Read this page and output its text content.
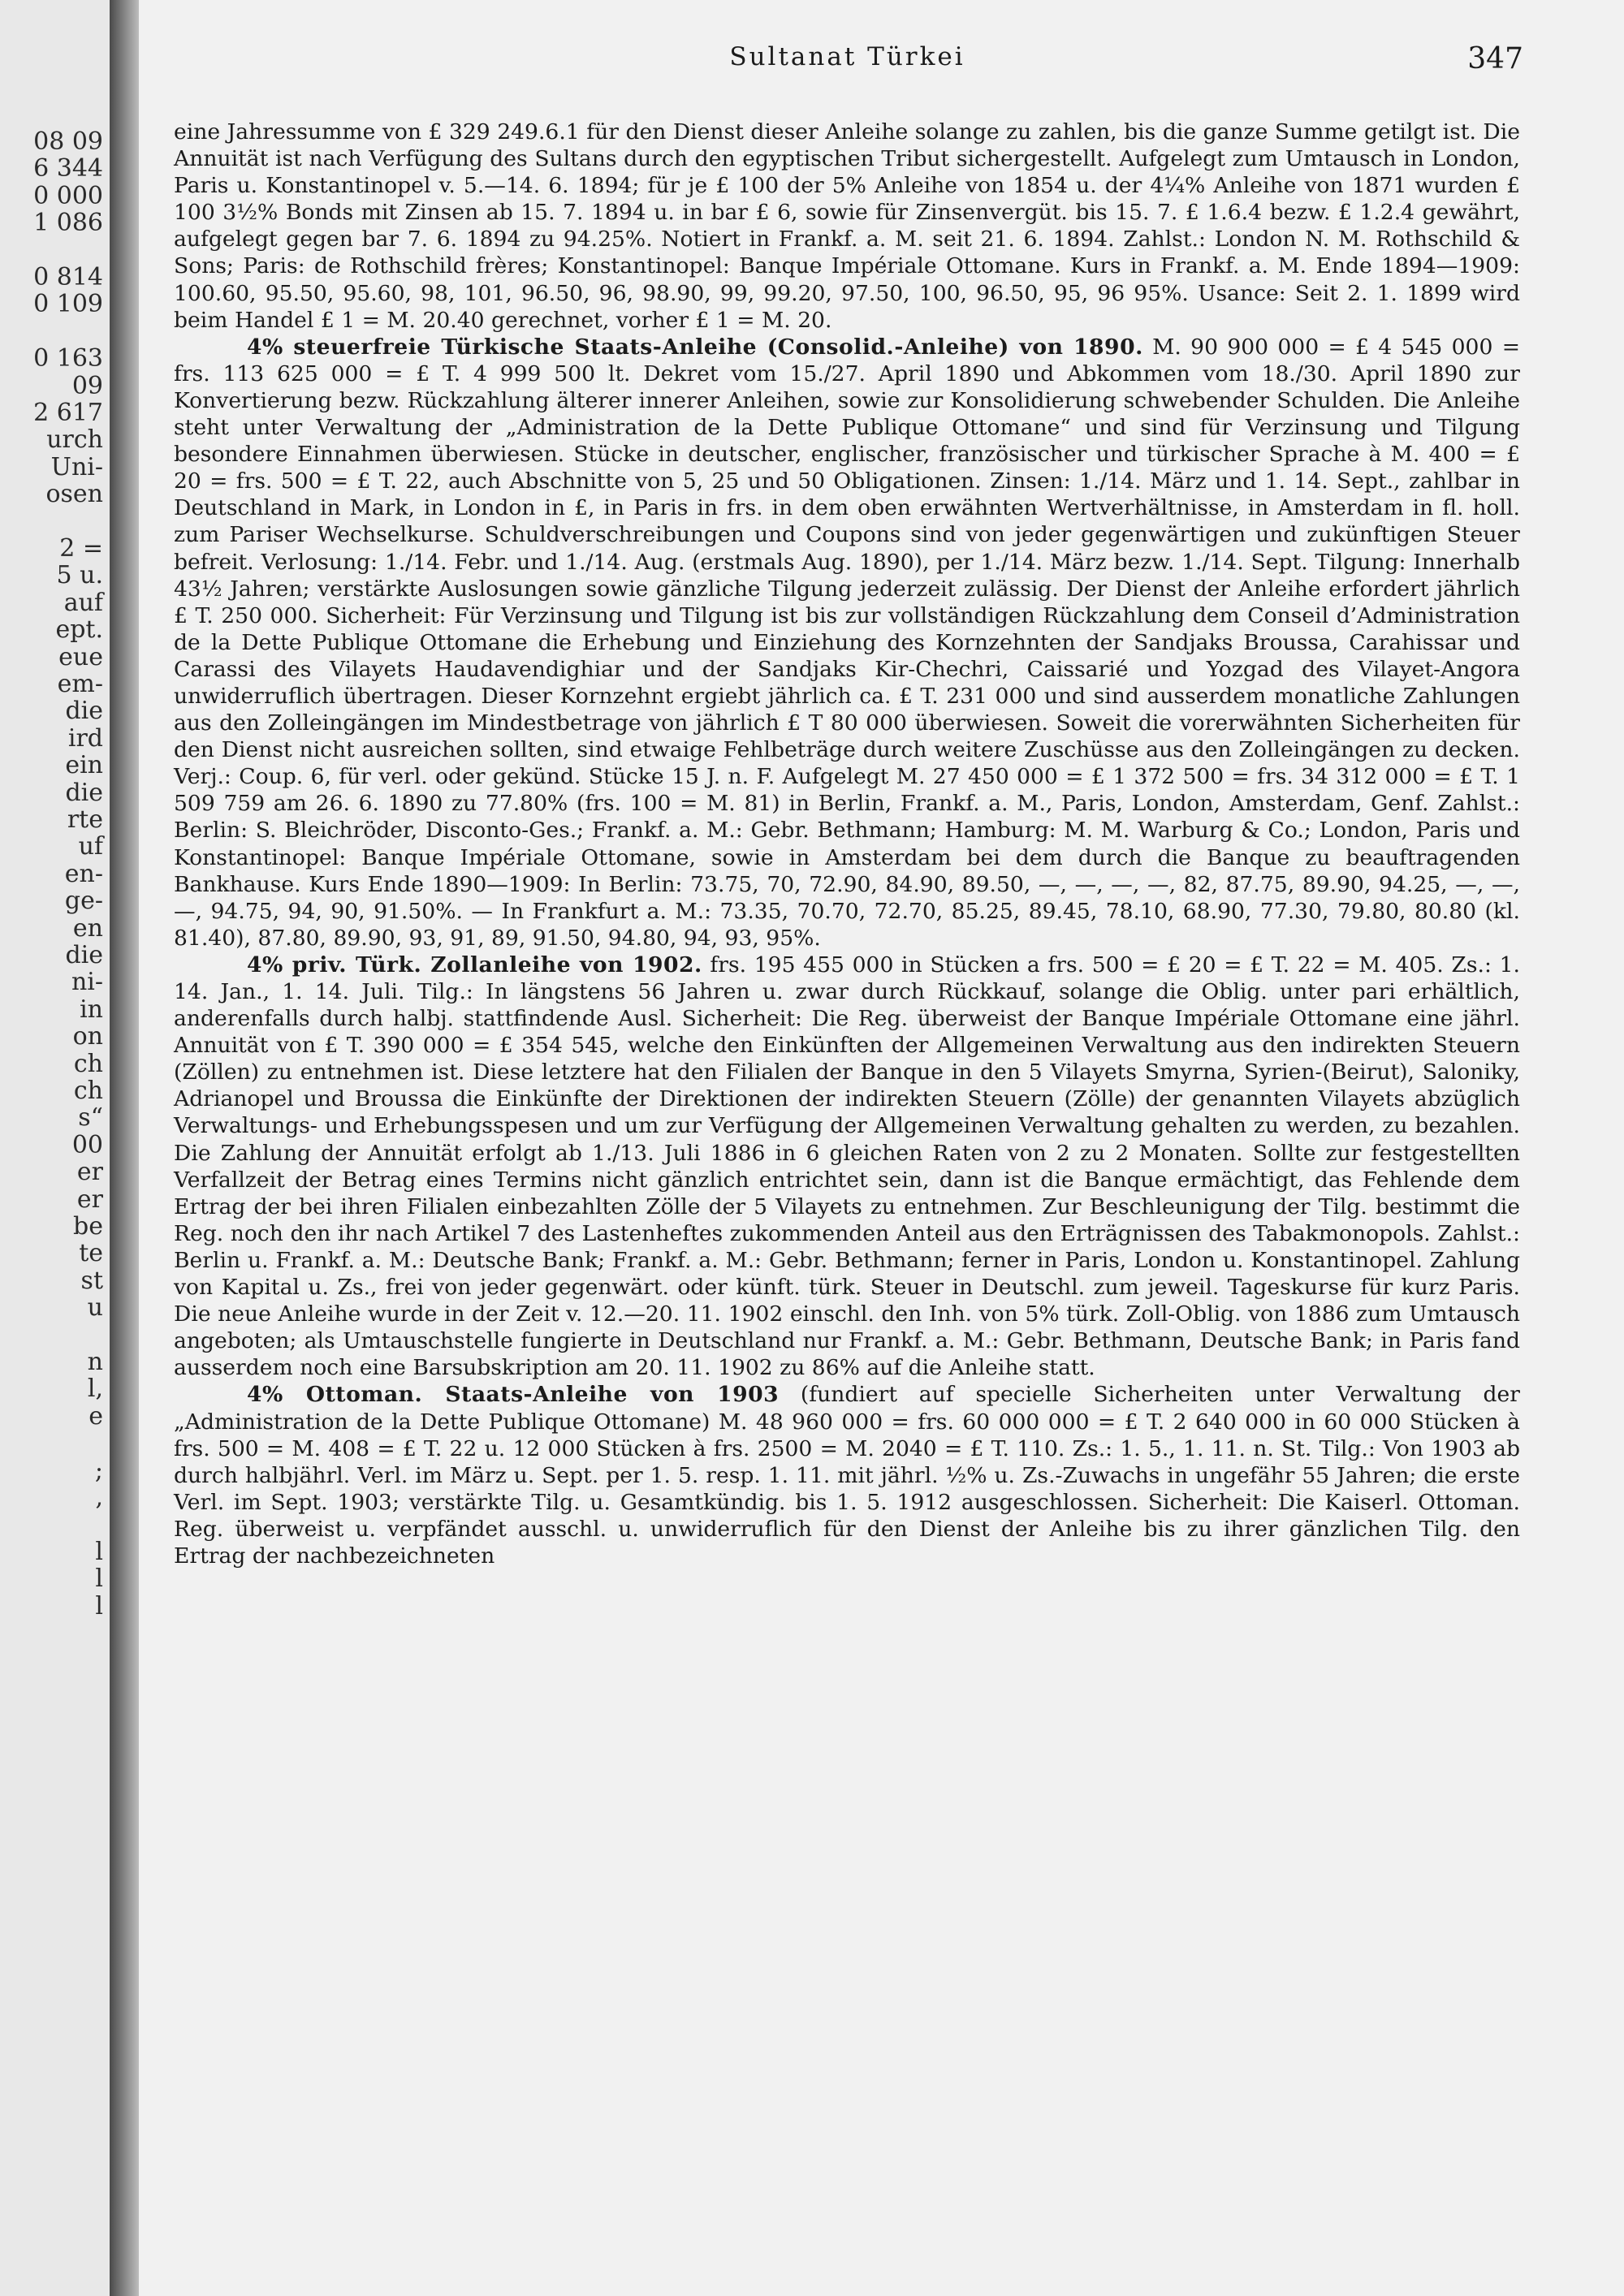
08 09
6 344
0 000
1 086
0 814
0 109
0 163
09
2 617
urch
Uni-
osen
2 =
5 u.
auf
ept.
eue
em-
die
ird
ein
die
rte
uf
en-
ge-
en
die
ni-
in
on
ch
ch
s“
00
er
er
be
te
st
u
n
l,
e
;
,
l
l
l
Sultanat Türkei	347

eine Jahressumme von £ 329 249.6.1 für den Dienst dieser Anleihe solange zu zahlen, bis die ganze Summe getilgt ist. Die Annuität ist nach Verfügung des Sultans durch den egyptischen Tribut sichergestellt. Aufgelegt zum Umtausch in London, Paris u. Konstantinopel v. 5.—14. 6. 1894; für je £ 100 der 5% Anleihe von 1854 u. der 4¼% Anleihe von 1871 wurden £ 100 3½% Bonds mit Zinsen ab 15. 7. 1894 u. in bar £ 6, sowie für Zinsenvergüt. bis 15. 7. £ 1.6.4 bezw. £ 1.2.4 gewährt, aufgelegt gegen bar 7. 6. 1894 zu 94.25%. Notiert in Frankf. a. M. seit 21. 6. 1894. Zahlst.: London N. M. Rothschild & Sons; Paris: de Rothschild frères; Konstantinopel: Banque Impériale Ottomane. Kurs in Frankf. a. M. Ende 1894—1909: 100.60, 95.50, 95.60, 98, 101, 96.50, 96, 98.90, 99, 99.20, 97.50, 100, 96.50, 95, 96 95%. Usance: Seit 2. 1. 1899 wird beim Handel £ 1 = M. 20.40 gerechnet, vorher £ 1 = M. 20.

4% steuerfreie Türkische Staats-Anleihe (Consolid.-Anleihe) von 1890. M. 90 900 000 = £ 4 545 000 = frs. 113 625 000 = £ T. 4 999 500 lt. Dekret vom 15./27. April 1890 und Abkommen vom 18./30. April 1890 zur Konvertierung bezw. Rückzahlung älterer innerer Anleihen, sowie zur Konsolidierung schwebender Schulden. Die Anleihe steht unter Verwaltung der „Administration de la Dette Publique Ottomane“ und sind für Verzinsung und Tilgung besondere Einnahmen überwiesen. Stücke in deutscher, englischer, französischer und türkischer Sprache à M. 400 = £ 20 = frs. 500 = £ T. 22, auch Abschnitte von 5, 25 und 50 Obligationen. Zinsen: 1./14. März und 1. 14. Sept., zahlbar in Deutschland in Mark, in London in £, in Paris in frs. in dem oben erwähnten Wertverhältnisse, in Amsterdam in fl. holl. zum Pariser Wechselkurse. Schuldverschreibungen und Coupons sind von jeder gegenwärtigen und zukünftigen Steuer befreit. Verlosung: 1./14. Febr. und 1./14. Aug. (erstmals Aug. 1890), per 1./14. März bezw. 1./14. Sept. Tilgung: Innerhalb 43½ Jahren; verstärkte Auslosungen sowie gänzliche Tilgung jederzeit zulässig. Der Dienst der Anleihe erfordert jährlich £ T. 250 000. Sicherheit: Für Verzinsung und Tilgung ist bis zur vollständigen Rückzahlung dem Conseil d’Administration de la Dette Publique Ottomane die Erhebung und Einziehung des Kornzehnten der Sandjaks Broussa, Carahissar und Carassi des Vilayets Haudavendighiar und der Sandjaks Kir-Chechri, Caissarié und Yozgad des Vilayet-Angora unwiderruflich übertragen. Dieser Kornzehnt ergiebt jährlich ca. £ T. 231 000 und sind ausserdem monatliche Zahlungen aus den Zolleingängen im Mindestbetrage von jährlich £ T 80 000 überwiesen. Soweit die vorerwähnten Sicherheiten für den Dienst nicht ausreichen sollten, sind etwaige Fehlbeträge durch weitere Zuschüsse aus den Zolleingängen zu decken. Verj.: Coup. 6, für verl. oder gekünd. Stücke 15 J. n. F. Aufgelegt M. 27 450 000 = £ 1 372 500 = frs. 34 312 000 = £ T. 1 509 759 am 26. 6. 1890 zu 77.80% (frs. 100 = M. 81) in Berlin, Frankf. a. M., Paris, London, Amsterdam, Genf. Zahlst.: Berlin: S. Bleichröder, Disconto-Ges.; Frankf. a. M.: Gebr. Bethmann; Hamburg: M. M. Warburg & Co.; London, Paris und Konstantinopel: Banque Impériale Ottomane, sowie in Amsterdam bei dem durch die Banque zu beauftragenden Bankhause. Kurs Ende 1890—1909: In Berlin: 73.75, 70, 72.90, 84.90, 89.50, —, —, —, —, 82, 87.75, 89.90, 94.25, —, —, —, 94.75, 94, 90, 91.50%. — In Frankfurt a. M.: 73.35, 70.70, 72.70, 85.25, 89.45, 78.10, 68.90, 77.30, 79.80, 80.80 (kl. 81.40), 87.80, 89.90, 93, 91, 89, 91.50, 94.80, 94, 93, 95%.

4% priv. Türk. Zollanleihe von 1902. frs. 195 455 000 in Stücken a frs. 500 = £ 20 = £ T. 22 = M. 405. Zs.: 1. 14. Jan., 1. 14. Juli. Tilg.: In längstens 56 Jahren u. zwar durch Rückkauf, solange die Oblig. unter pari erhältlich, anderenfalls durch halbj. stattfindende Ausl. Sicherheit: Die Reg. überweist der Banque Impériale Ottomane eine jährl. Annuität von £ T. 390 000 = £ 354 545, welche den Einkünften der Allgemeinen Verwaltung aus den indirekten Steuern (Zöllen) zu entnehmen ist. Diese letztere hat den Filialen der Banque in den 5 Vilayets Smyrna, Syrien-(Beirut), Saloniky, Adrianopel und Broussa die Einkünfte der Direktionen der indirekten Steuern (Zölle) der genannten Vilayets abzüglich Verwaltungs- und Erhebungsspesen und um zur Verfügung der Allgemeinen Verwaltung gehalten zu werden, zu bezahlen. Die Zahlung der Annuität erfolgt ab 1./13. Juli 1886 in 6 gleichen Raten von 2 zu 2 Monaten. Sollte zur festgestellten Verfallzeit der Betrag eines Termins nicht gänzlich entrichtet sein, dann ist die Banque ermächtigt, das Fehlende dem Ertrag der bei ihren Filialen einbezahlten Zölle der 5 Vilayets zu entnehmen. Zur Beschleunigung der Tilg. bestimmt die Reg. noch den ihr nach Artikel 7 des Lastenheftes zukommenden Anteil aus den Erträgnissen des Tabakmonopols. Zahlst.: Berlin u. Frankf. a. M.: Deutsche Bank; Frankf. a. M.: Gebr. Bethmann; ferner in Paris, London u. Konstantinopel. Zahlung von Kapital u. Zs., frei von jeder gegenwärt. oder künft. türk. Steuer in Deutschl. zum jeweil. Tageskurse für kurz Paris. Die neue Anleihe wurde in der Zeit v. 12.—20. 11. 1902 einschl. den Inh. von 5% türk. Zoll-Oblig. von 1886 zum Umtausch angeboten; als Umtauschstelle fungierte in Deutschland nur Frankf. a. M.: Gebr. Bethmann, Deutsche Bank; in Paris fand ausserdem noch eine Barsubskription am 20. 11. 1902 zu 86% auf die Anleihe statt.

4% Ottoman. Staats-Anleihe von 1903 (fundiert auf specielle Sicherheiten unter Verwaltung der „Administration de la Dette Publique Ottomane) M. 48 960 000 = frs. 60 000 000 = £ T. 2 640 000 in 60 000 Stücken à frs. 500 = M. 408 = £ T. 22 u. 12 000 Stücken à frs. 2500 = M. 2040 = £ T. 110. Zs.: 1. 5., 1. 11. n. St. Tilg.: Von 1903 ab durch halbjährl. Verl. im März u. Sept. per 1. 5. resp. 1. 11. mit jährl. ½% u. Zs.-Zuwachs in ungefähr 55 Jahren; die erste Verl. im Sept. 1903; verstärkte Tilg. u. Gesamtkündig. bis 1. 5. 1912 ausgeschlossen. Sicherheit: Die Kaiserl. Ottoman. Reg. überweist u. verpfändet ausschl. u. unwiderruflich für den Dienst der Anleihe bis zu ihrer gänzlichen Tilg. den Ertrag der nachbezeichneten
